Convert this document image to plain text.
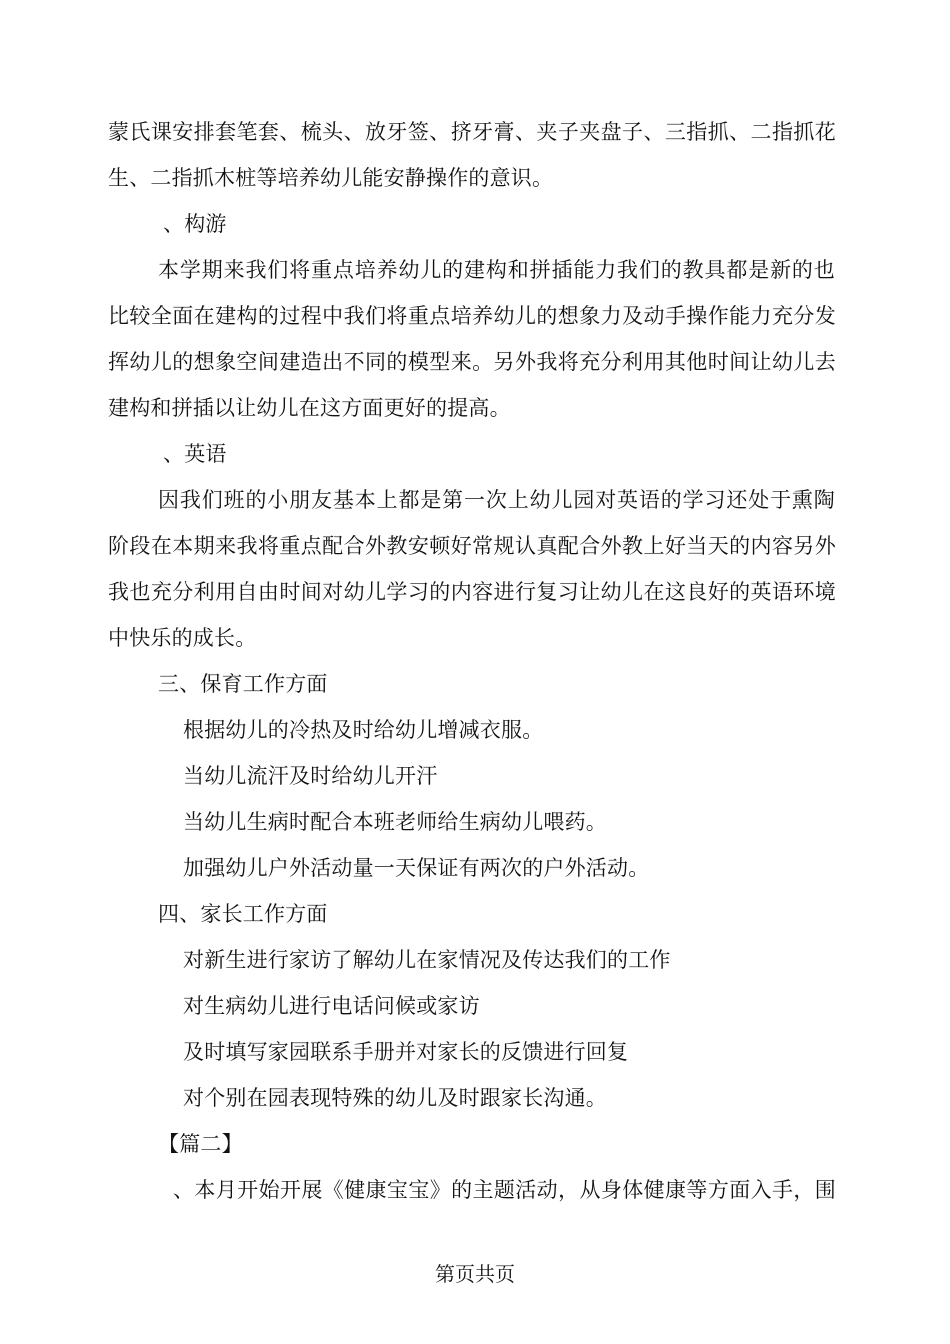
蒙氏课安排套笔套、梳头、放牙签、挤牙膏、夹子夹盘子、三指抓、二指抓花
生、二指抓木桩等培养幼儿能安静操作的意识。
、构游
本学期来我们将重点培养幼儿的建构和拼插能力我们的教具都是新的也
比较全面在建构的过程中我们将重点培养幼儿的想象力及动手操作能力充分发
挥幼儿的想象空间建造出不同的模型来。另外我将充分利用其他时间让幼儿去
建构和拼插以让幼儿在这方面更好的提高。
、英语
因我们班的小朋友基本上都是第一次上幼儿园对英语的学习还处于熏陶
阶段在本期来我将重点配合外教安顿好常规认真配合外教上好当天的内容另外
我也充分利用自由时间对幼儿学习的内容进行复习让幼儿在这良好的英语环境
中快乐的成长。
三、保育工作方面
根据幼儿的冷热及时给幼儿增减衣服。
当幼儿流汗及时给幼儿开汗
当幼儿生病时配合本班老师给生病幼儿喂药。
加强幼儿户外活动量一天保证有两次的户外活动。
四、家长工作方面
对新生进行家访了解幼儿在家情况及传达我们的工作
对生病幼儿进行电话问候或家访
及时填写家园联系手册并对家长的反馈进行回复
对个别在园表现特殊的幼儿及时跟家长沟通。
【篇二】
、本月开始开展《健康宝宝》的主题活动，从身体健康等方面入手，围
第页共页
